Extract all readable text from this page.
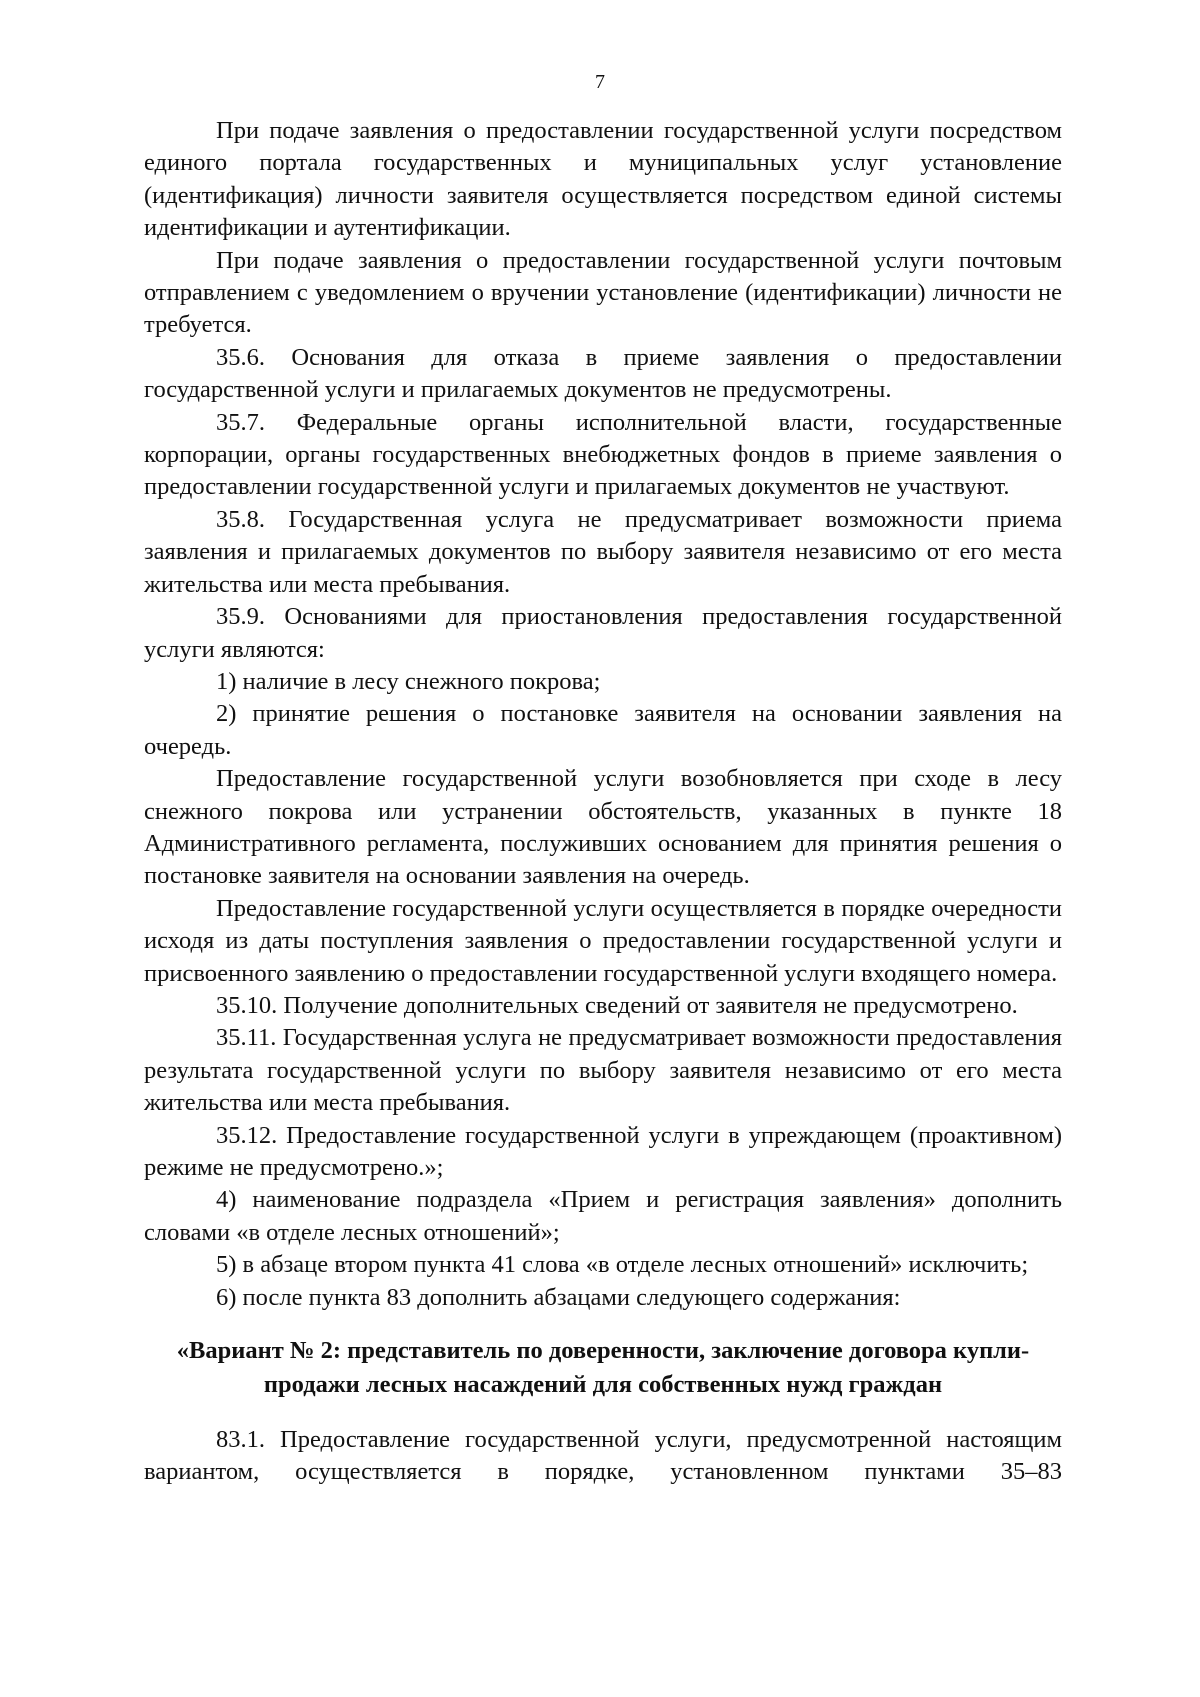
7

При подаче заявления о предоставлении государственной услуги посредством единого портала государственных и муниципальных услуг установление (идентификация) личности заявителя осуществляется посредством единой системы идентификации и аутентификации.

При подаче заявления о предоставлении государственной услуги почтовым отправлением с уведомлением о вручении установление (идентификации) личности не требуется.

35.6. Основания для отказа в приеме заявления о предоставлении государственной услуги и прилагаемых документов не предусмотрены.

35.7. Федеральные органы исполнительной власти, государственные корпорации, органы государственных внебюджетных фондов в приеме заявления о предоставлении государственной услуги и прилагаемых документов не участвуют.

35.8. Государственная услуга не предусматривает возможности приема заявления и прилагаемых документов по выбору заявителя независимо от его места жительства или места пребывания.

35.9. Основаниями для приостановления предоставления государственной услуги являются:

1) наличие в лесу снежного покрова;

2) принятие решения о постановке заявителя на основании заявления на очередь.

Предоставление государственной услуги возобновляется при сходе в лесу снежного покрова или устранении обстоятельств, указанных в пункте 18 Административного регламента, послуживших основанием для принятия решения о постановке заявителя на основании заявления на очередь.

Предоставление государственной услуги осуществляется в порядке очередности исходя из даты поступления заявления о предоставлении государственной услуги и присвоенного заявлению о предоставлении государственной услуги входящего номера.

35.10. Получение дополнительных сведений от заявителя не предусмотрено.

35.11. Государственная услуга не предусматривает возможности предоставления результата государственной услуги по выбору заявителя независимо от его места жительства или места пребывания.

35.12. Предоставление государственной услуги в упреждающем (проактивном) режиме не предусмотрено.»;

4) наименование подраздела «Прием и регистрация заявления» дополнить словами «в отделе лесных отношений»;

5) в абзаце втором пункта 41 слова «в отделе лесных отношений» исключить;

6) после пункта 83 дополнить абзацами следующего содержания:

«Вариант № 2: представитель по доверенности, заключение договора купли-продажи лесных насаждений для собственных нужд граждан

83.1. Предоставление государственной услуги, предусмотренной настоящим вариантом, осуществляется в порядке, установленном пунктами 35–83
